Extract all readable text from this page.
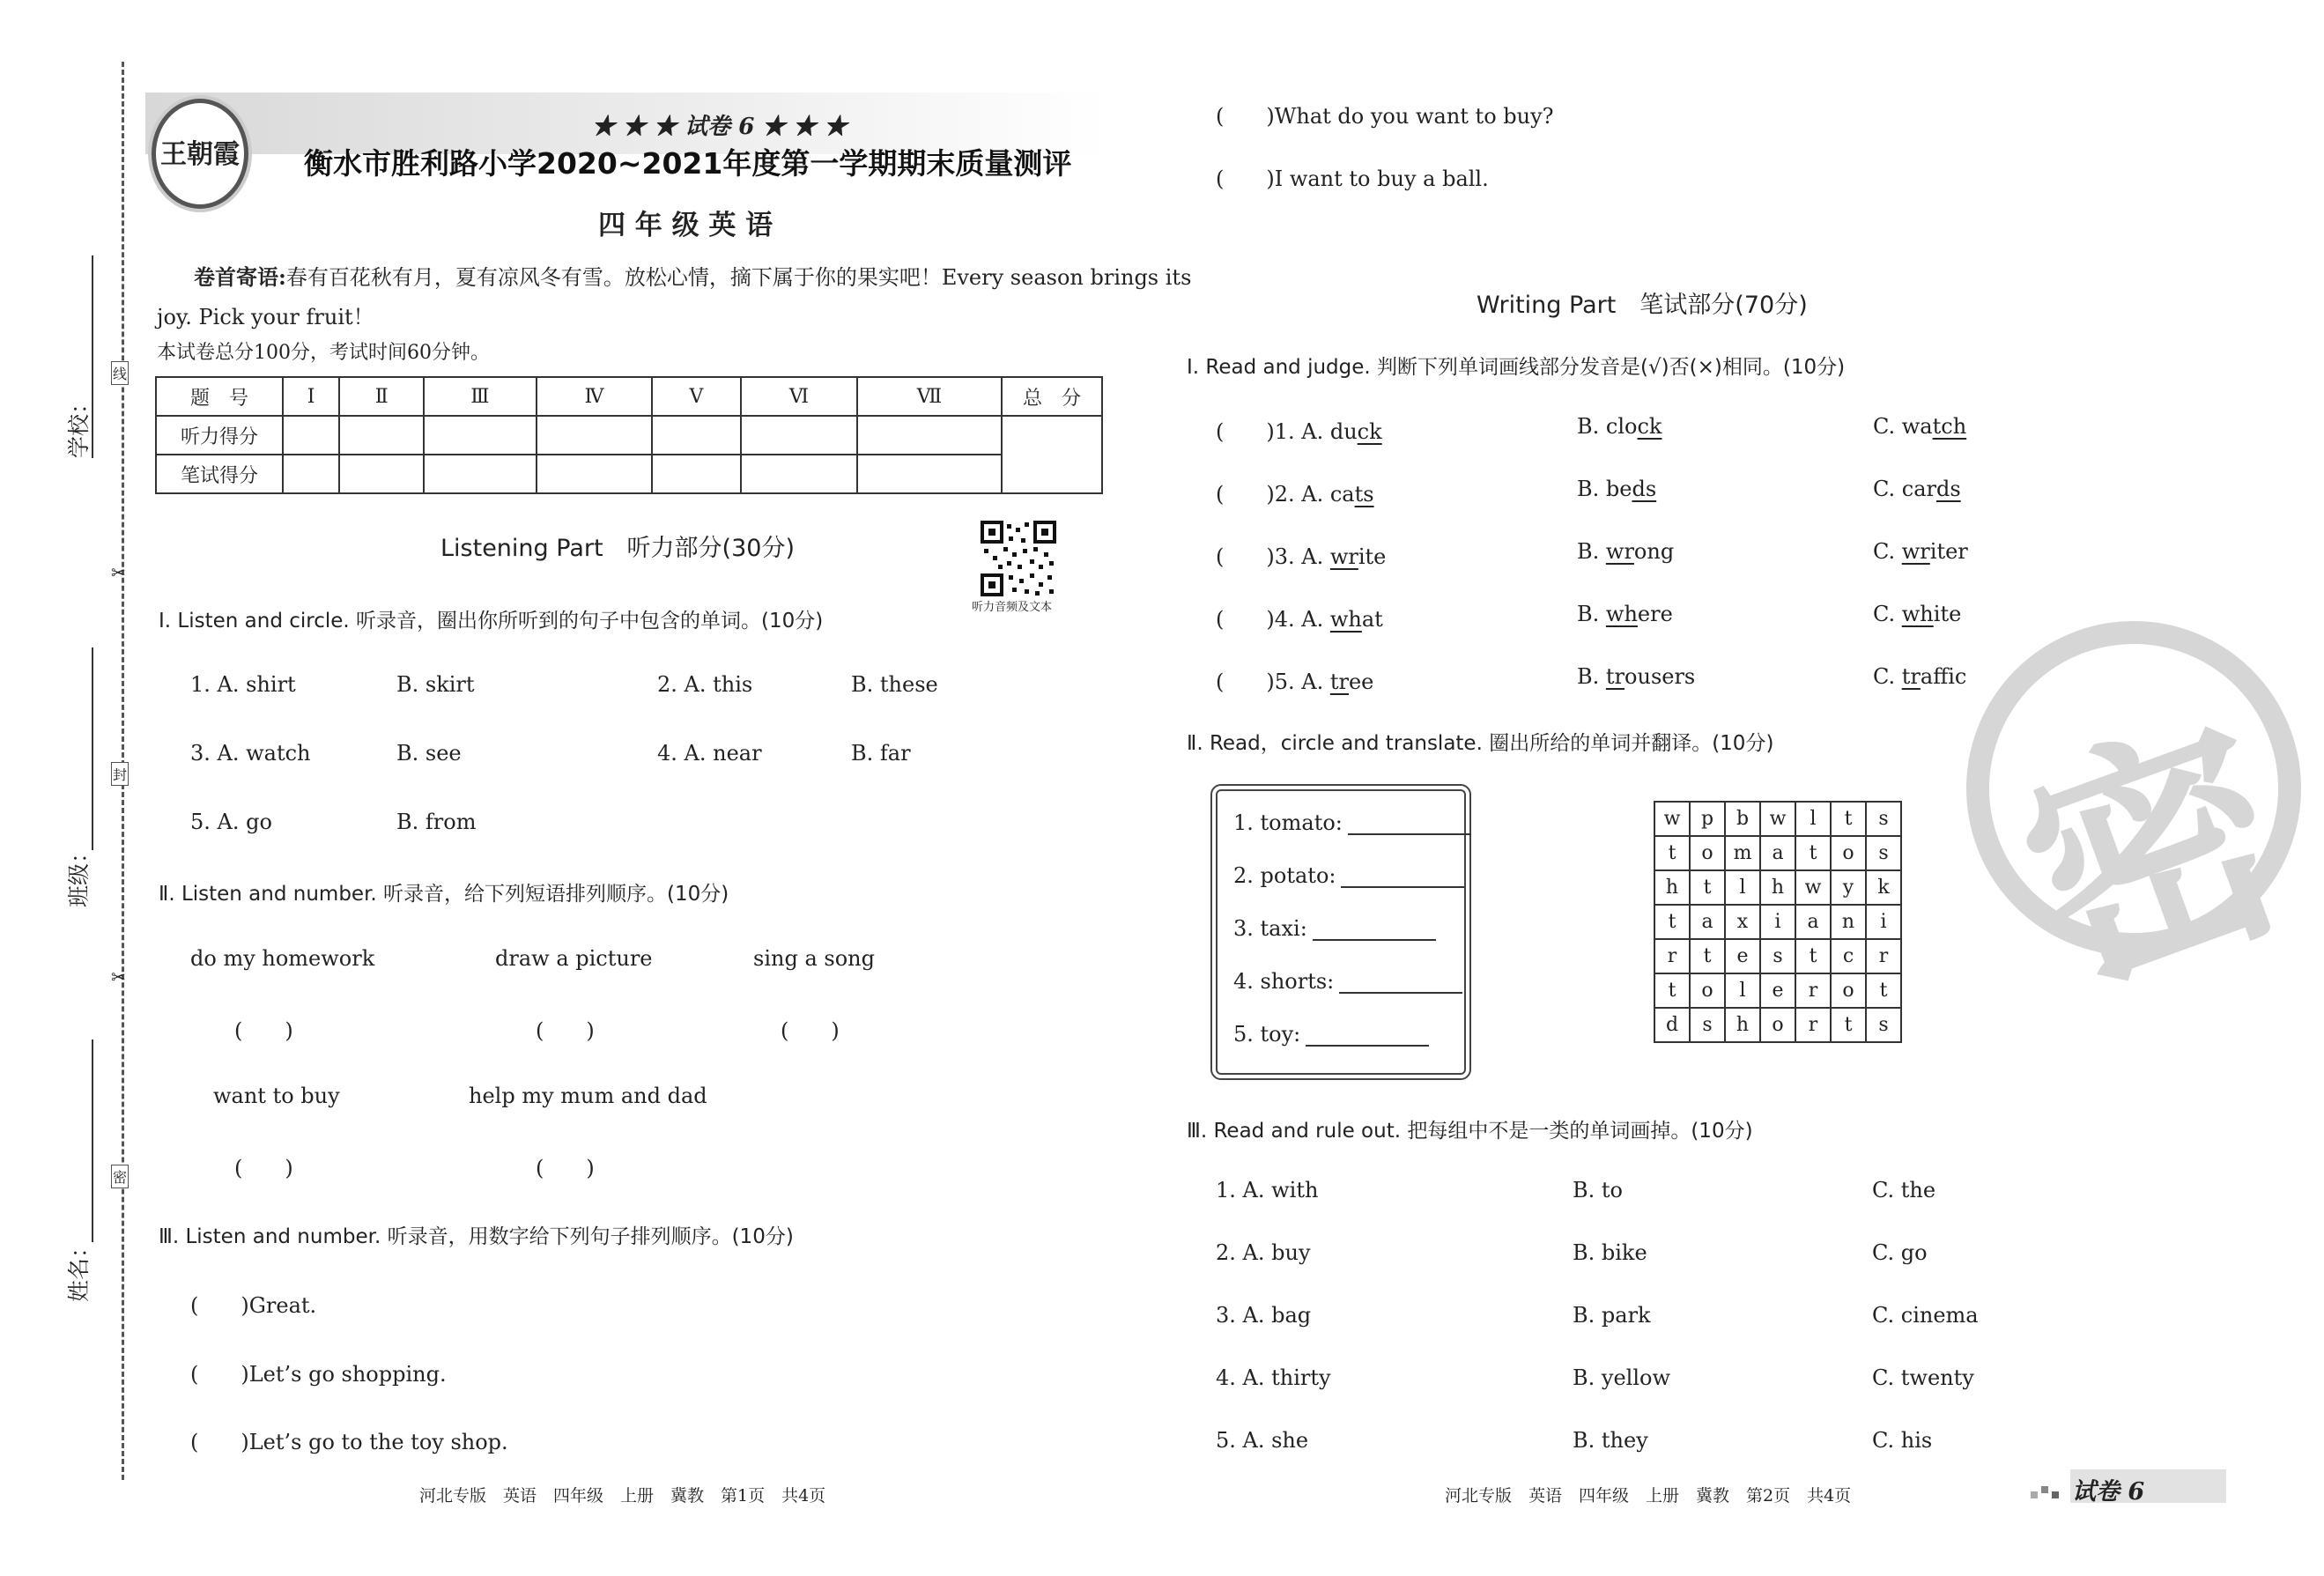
学校：
班级：
姓名：
线
封
密
✂
✂
王朝霞
★ ★ ★ 试卷 6 ★ ★ ★
衡水市胜利路小学2020~2021年度第一学期期末质量测评
四 年 级 英 语
卷首寄语:春有百花秋有月，夏有凉风冬有雪。放松心情，摘下属于你的果实吧！Every season brings its
joy. Pick your fruit！
本试卷总分100分，考试时间60分钟。
题　号	Ⅰ	Ⅱ	Ⅲ	Ⅳ	Ⅴ	Ⅵ	Ⅶ	总　分
听力得分								
笔试得分								
Listening Part　听力部分(30分)
听力音频及文本
Ⅰ. Listen and circle. 听录音，圈出你所听到的句子中包含的单词。(10分)
1. A. shirt	B. skirt	2. A. this	B. these
3. A. watch	B. see	4. A. near	B. far
5. A. go	B. from
Ⅱ. Listen and number. 听录音，给下列短语排列顺序。(10分)
do my homework	draw a picture	sing a song
(　　)	(　　)	(　　)
want to buy	help my mum and dad
(　　)	(　　)
Ⅲ. Listen and number. 听录音，用数字给下列句子排列顺序。(10分)
(　　)Great.
(　　)Let’s go shopping.
(　　)Let’s go to the toy shop.
河北专版　英语　四年级　上册　冀教　第1页　共4页
(　　)What do you want to buy?
(　　)I want to buy a ball.
Writing Part　笔试部分(70分)
Ⅰ. Read and judge. 判断下列单词画线部分发音是(√)否(×)相同。(10分)
(　　)1. A. duck	B. clock	C. watch
(　　)2. A. cats	B. beds	C. cards
(　　)3. A. write	B. wrong	C. writer
(　　)4. A. what	B. where	C. white
(　　)5. A. tree	B. trousers	C. traffic
Ⅱ. Read，circle and translate. 圈出所给的单词并翻译。(10分)
1. tomato:
2. potato:
3. taxi:
4. shorts:
5. toy:
w	p	b	w	l	t	s
t	o	m	a	t	o	s
h	t	l	h	w	y	k
t	a	x	i	a	n	i
r	t	e	s	t	c	r
t	o	l	e	r	o	t
d	s	h	o	r	t	s
Ⅲ. Read and rule out. 把每组中不是一类的单词画掉。(10分)
1. A. with	B. to	C. the
2. A. buy	B. bike	C. go
3. A. bag	B. park	C. cinema
4. A. thirty	B. yellow	C. twenty
5. A. she	B. they	C. his
密
河北专版　英语　四年级　上册　冀教　第2页　共4页	试卷 6
